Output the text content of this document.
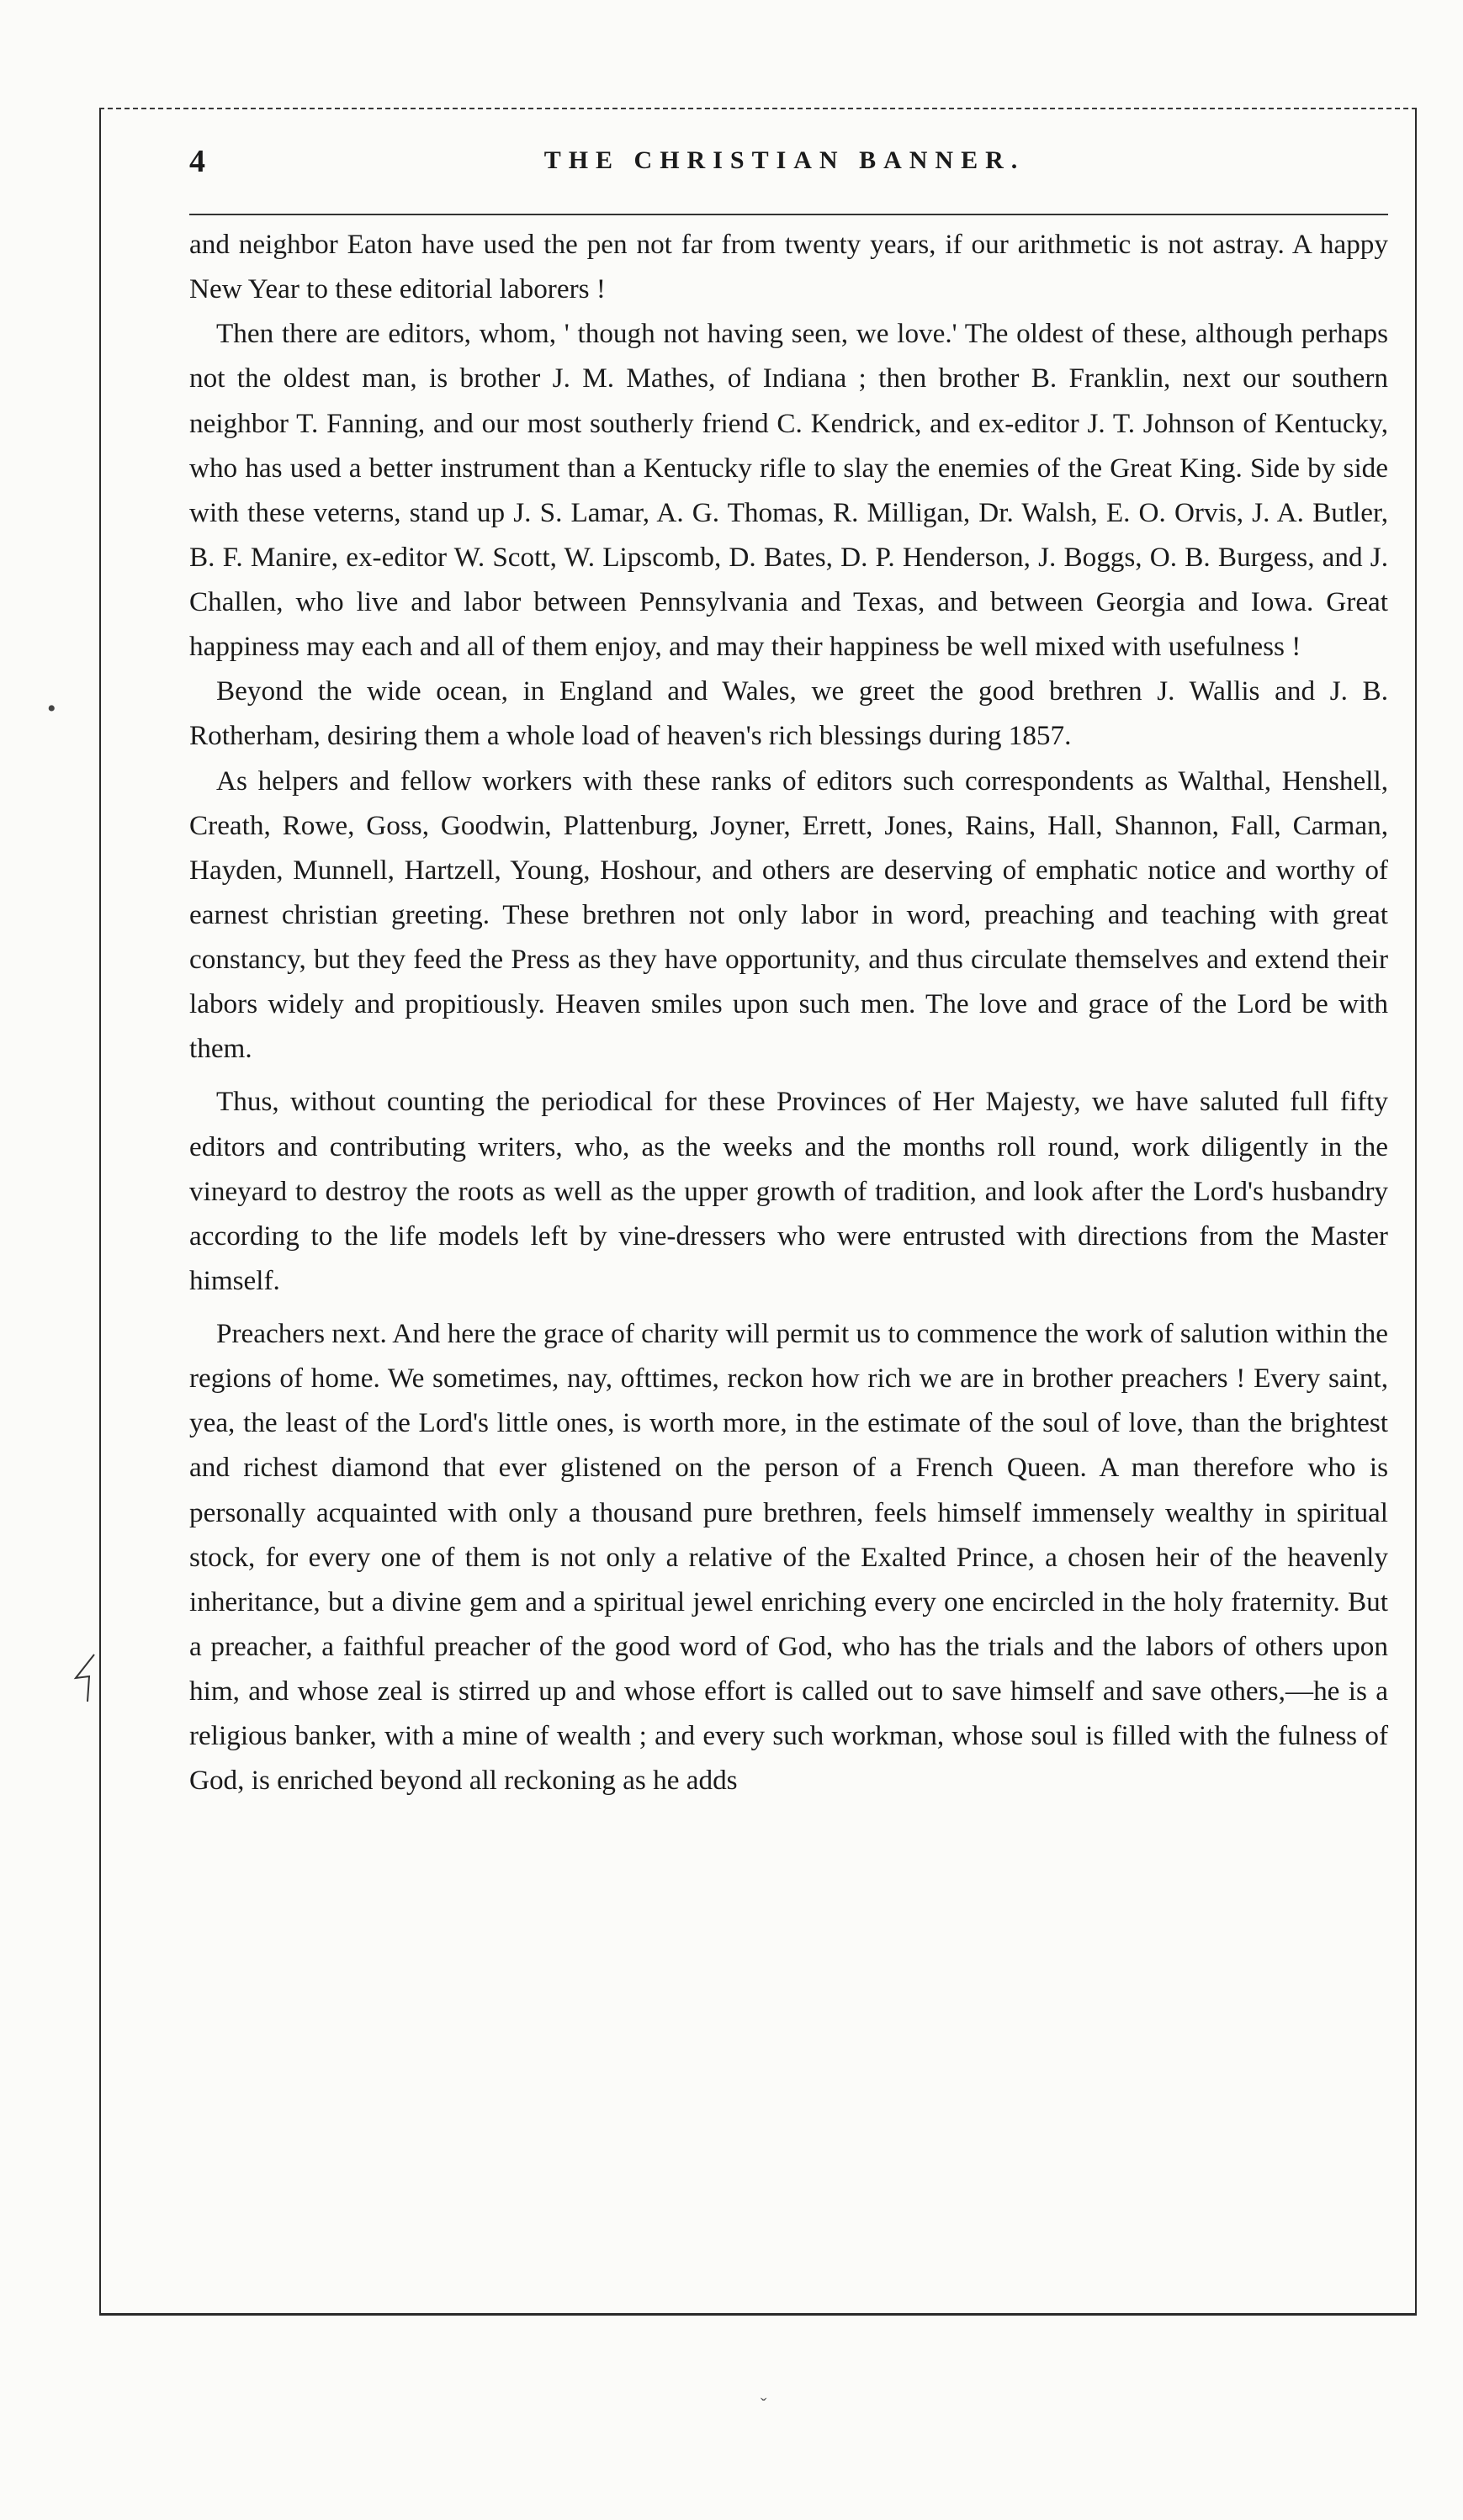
4	THE CHRISTIAN BANNER.

and neighbor Eaton have used the pen not far from twenty years, if our arithmetic is not astray. A happy New Year to these editorial laborers !

Then there are editors, whom, ' though not having seen, we love.' The oldest of these, although perhaps not the oldest man, is brother J. M. Mathes, of Indiana ; then brother B. Franklin, next our southern neighbor T. Fanning, and our most southerly friend C. Kendrick, and ex-editor J. T. Johnson of Kentucky, who has used a better instrument than a Kentucky rifle to slay the enemies of the Great King. Side by side with these veterns, stand up J. S. Lamar, A. G. Thomas, R. Milligan, Dr. Walsh, E. O. Orvis, J. A. Butler, B. F. Manire, ex-editor W. Scott, W. Lipscomb, D. Bates, D. P. Henderson, J. Boggs, O. B. Burgess, and J. Challen, who live and labor between Pennsylvania and Texas, and between Georgia and Iowa. Great happiness may each and all of them enjoy, and may their happiness be well mixed with usefulness !

Beyond the wide ocean, in England and Wales, we greet the good brethren J. Wallis and J. B. Rotherham, desiring them a whole load of heaven's rich blessings during 1857.

As helpers and fellow workers with these ranks of editors such correspondents as Walthal, Henshell, Creath, Rowe, Goss, Goodwin, Plattenburg, Joyner, Errett, Jones, Rains, Hall, Shannon, Fall, Carman, Hayden, Munnell, Hartzell, Young, Hoshour, and others are deserving of emphatic notice and worthy of earnest christian greeting. These brethren not only labor in word, preaching and teaching with great constancy, but they feed the Press as they have opportunity, and thus circulate themselves and extend their labors widely and propitiously. Heaven smiles upon such men. The love and grace of the Lord be with them.

Thus, without counting the periodical for these Provinces of Her Majesty, we have saluted full fifty editors and contributing writers, who, as the weeks and the months roll round, work diligently in the vineyard to destroy the roots as well as the upper growth of tradition, and look after the Lord's husbandry according to the life models left by vine-dressers who were entrusted with directions from the Master himself.

Preachers next. And here the grace of charity will permit us to commence the work of salution within the regions of home. We sometimes, nay, ofttimes, reckon how rich we are in brother preachers ! Every saint, yea, the least of the Lord's little ones, is worth more, in the estimate of the soul of love, than the brightest and richest diamond that ever glistened on the person of a French Queen. A man therefore who is personally acquainted with only a thousand pure brethren, feels himself immensely wealthy in spiritual stock, for every one of them is not only a relative of the Exalted Prince, a chosen heir of the heavenly inheritance, but a divine gem and a spiritual jewel enriching every one encircled in the holy fraternity. But a preacher, a faithful preacher of the good word of God, who has the trials and the labors of others upon him, and whose zeal is stirred up and whose effort is called out to save himself and save others,—he is a religious banker, with a mine of wealth ; and every such workman, whose soul is filled with the fulness of God, is enriched beyond all reckoning as he adds

•
ˇ
